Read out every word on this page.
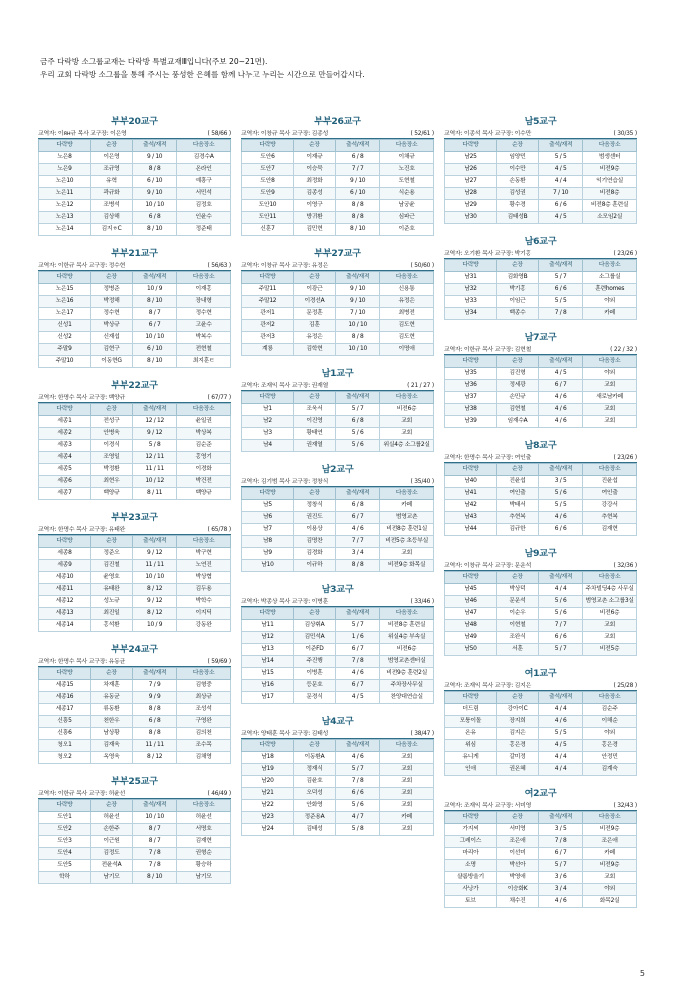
금주 다락방 소그룹교재는 다락방 특별교재Ⅲ입니다(주보 20~21면).
우리 교회 다락방 소그룹을 통해 주시는 풍성한 은혜를 함께 나누고 누리는 시간으로 만들어갑시다.
부부20교구
교역자: 이ян규 목사 교구장: 이은영	( 58/66 )
다락방	순장	출석/재적	다음장소
노은8	이은영	9 / 10	김경수A
노은9	조규영	8 / 8	온라인
노은10	유혁	6 / 10	예흥구
노은11	곽규화	9 / 10	서민석
노은12	조병석	10 / 10	김정호
노은13	김상해	6 / 8	인윤수
노은14	김지ㅎC	8 / 10	정준태
부부21교구
교역자: 이한규 목사 교구장: 정수현	( 56/63 )
다락방	순장	출석/재적	다음장소
노은15	정병준	10 / 9	이재홍
노은16	박정해	8 / 10	장내형
노은17	정수현	8 / 7	정수현
신성1	박상규	6 / 7	고윤수
신성2	신재섭	10 / 10	박복수
주말9	김현구	6 / 10	전현철
주말10	이동현G	8 / 10	최지훈ㅌ
부부22교구
교역자: 한명수 목사 교구장: 백양규	( 67/77 )
다락방	순장	출석/재적	다음장소
세종1	전성구	12 / 12	윤일권
세종2	안병욱	9 / 12	박상복
세종3	이경식	5 / 8	김순준
세종4	조영일	12 / 11	홍영기
세종5	박정환	11 / 11	이경화
세종6	최현우	10 / 12	박건전
세종7	백양규	8 / 11	백양규
부부23교구
교역자: 한명수 목사 교구장: 유태완	( 65/78 )
다락방	순장	출석/재적	다음장소
세종8	정준오	9 / 12	박구현
세종9	김진철	11 / 11	노연진
세종10	윤영호	10 / 10	박상협
세종11	유태완	8 / 12	김두용
세종12	성노규	9 / 12	박학수
세종13	최진일	8 / 12	이지딕
세종14	홍석환	10 / 9	강동완
부부24교구
교역자: 한명수 목사 교구장: 유동균	( 59/69 )
다락방	순장	출석/재적	다음장소
세종15	차재훈	7 / 9	김형중
세종16	유동균	9 / 9	최상규
세종17	류동환	8 / 8	조성석
신흥5	천한우	6 / 8	구영완
신흥6	남상황	8 / 8	김의천
청오1	김재욱	11 / 11	조수목
청오2	옥영욱	8 / 12	김채영
부부25교구
교역자: 이한규 목사 교구장: 허윤선	( 46/49 )
다락방	순장	출석/재적	다음장소
도안1	허윤선	10 / 10	허윤선
도안2	손한주	8 / 7	서명호
도안3	이근원	8 / 7	김재현
도안4	김정도	7 / 8	권형순
도안5	전윤석A	7 / 8	황승하
학하	남기모	8 / 10	남기모
부부26교구
교역자: 이창규 목사 교구장: 김종성	( 52/61 )
다락방	순장	출석/재적	다음장소
도안6	이재규	6 / 8	이채규
도안7	이승묵	7 / 7	노진호
도안8	최정화	9 / 10	도현철
도안9	김종성	6 / 10	식순용
도안10	이영구	8 / 8	남궁윤
도안11	방귀환	8 / 8	심파근
신훈7	김민현	8 / 10	이준호
부부27교구
교역자: 이창규 목사 교구장: 유정은	( 50/60 )
다락방	순장	출석/재적	다음장소
주말11	이광근	9 / 10	신용통
주말12	이경선A	9 / 10	유정은
관저1	문정훈	7 / 10	최병전
관저2	김훈	10 / 10	김도현
관저3	유정은	8 / 8	김도현
계룡	김학현	10 / 10	이명애
남1교구
교역자: 조재익 목사 교구장: 권재열	( 21 / 27 )
다락방	순장	출석/재적	다음장소
남1	조욱서	5 / 7	비전6층
남2	이진영	6 / 8	교회
남3	황태연	5 / 6	교회
남4	권재열	5 / 6	위실4층 소그룹2실
남2교구
교역자: 김기범 목사 교구장: 정창식	( 35/40 )
다락방	순장	출석/재적	다음장소
남5	정창식	6 / 8	카페
남6	권진도	6 / 7	범영교촌
남7	이용상	4 / 6	비전8층 훈련1실
남8	김명찬	7 / 7	비전5층 초등부실
남9	김경화	3 / 4	교회
남10	이규하	8 / 8	비전9층 화목실
남3교구
교역자: 박종상 목사 교구장: 이병훈	( 33/46 )
다락방	순장	출석/재적	다음장소
남11	김상휘A	5 / 7	비전8층 훈련실
남12	김민석A	1 / 6	위실4층 부속실
남13	이준FD	6 / 7	비전6층
남14	주진행	7 / 8	범영교촌센터실
남15	이병훈	4 / 6	비전9층 훈련2실
남16	등문호	6 / 7	주차장사무실
남17	문경식	4 / 5	찬양대연습실
남4교구
교역자: 양태훈 목사 교구장: 김태성	( 38/47 )
다락방	순장	출석/재적	다음장소
남18	이동환A	4 / 6	교회
남19	정재식	5 / 7	교회
남20	김윤호	7 / 8	교회
남21	오덕성	6 / 6	교회
남22	안화영	5 / 6	교회
남23	정준용A	4 / 7	카페
남24	김태성	5 / 8	교회
남5교구
교역자: 이종석 목사 교구장: 이수만	( 30/35 )
다락방	순장	출석/재적	다음장소
남25	임양민	5 / 5	범생센터
남26	이수만	4 / 5	비전9층
남27	손동환	4 / 4	익기연습실
남28	김성권	7 / 10	비전8층
남29	황수경	6 / 6	비전8층 훈련실
남30	김태성B	4 / 5	소모임2실
남6교구
교역자: 오기환 목사 교구장: 박기홍	( 23/26 )
다락방	순장	출석/재적	다음장소
남31	김화영B	5 / 7	소그룹실
남32	박기홍	6 / 6	훈련homes
남33	이임근	5 / 5	야외
남34	백종수	7 / 8	카페
남7교구
교역자: 이한규 목사 교구장: 김현철	( 22 / 32 )
다락방	순장	출석/재적	다음장소
남35	김진형	4 / 5	야외
남36	정세광	6 / 7	교회
남37	손민규	4 / 6	새로남카페
남38	김현철	4 / 6	교회
남39	임재수A	4 / 6	교회
남8교구
교역자: 한명수 목사 교구장: 여인출	( 23/26 )
다락방	순장	출석/재적	다음장소
남40	진윤섭	3 / 5	진윤섭
남41	여인출	5 / 6	여인출
남42	박태서	5 / 5	강강서
남43	추현복	4 / 6	추현복
남44	김규한	6 / 6	김재현
남9교구
교역자: 이창규 목사 교구장: 문운석	( 32/36 )
다락방	순장	출석/재적	다음장소
남45	박상덕	4 / 4	주차빌딩4층 사무실
남46	문운석	5 / 6	범영교촌 소그룹3실
남47	이순우	5 / 6	비전6층
남48	이현철	7 / 7	교회
남49	조완식	6 / 6	교회
남50	서훈	5 / 7	비전5층
여1교구
교역자: 조재익 목사 교구장: 김지은	( 25/28 )
다락방	순장	출석/재적	다음장소
더드림	강아이C	4 / 4	김순주
모퉁이돌	장지희	4 / 6	이해순
온유	김지은	5 / 5	야외
위심	홍은경	4 / 5	홍은경
유니게	갈미정	4 / 4	안정민
인애	권온혜	4 / 4	김계숙
여2교구
교역자: 조재익 목사 교구장: 서미영	( 32/43 )
다락방	순장	출석/재적	다음장소
가지씨	서미영	3 / 5	비전9층
그레이스	조은애	7 / 8	조은애
마리아	이선미	6 / 7	카페
소명	박선아	5 / 7	비전9층
샬롬방울기	박영애	3 / 6	교회
사낭가	이승화K	3 / 4	야외
토브	채수진	4 / 6	화목2실
5
